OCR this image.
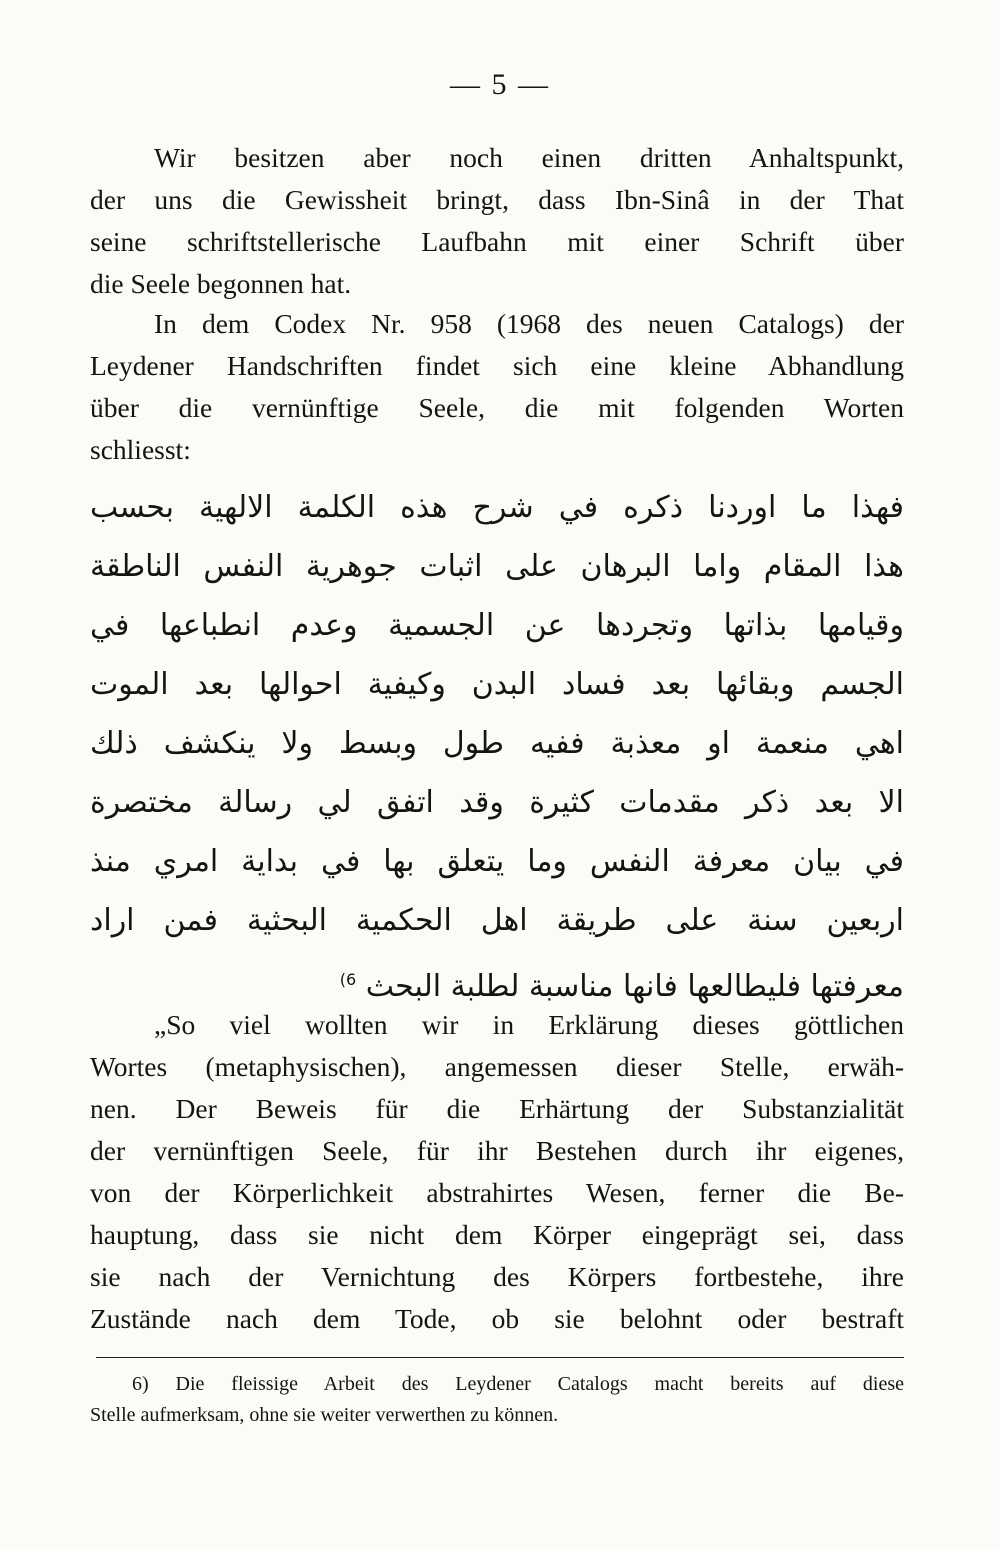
— 5 —
Wir besitzen aber noch einen dritten Anhaltspunkt,
der uns die Gewissheit bringt, dass Ibn-Sinâ in der That
seine schriftstellerische Laufbahn mit einer Schrift über
die Seele begonnen hat.
In dem Codex Nr. 958 (1968 des neuen Catalogs) der
Leydener Handschriften findet sich eine kleine Abhandlung
über die vernünftige Seele, die mit folgenden Worten
schliesst:
فهذا ما اوردنا ذكره في شرح هذه الكلمة الالهية بحسب
هذا المقام واما البرهان على اثبات جوهرية النفس الناطقة
وقيامها بذاتها وتجردها عن الجسمية وعدم انطباعها في
الجسم وبقائها بعد فساد البدن وكيفية احوالها بعد الموت
اهي منعمة او معذبة ففيه طول وبسط ولا ينكشف ذلك
الا بعد ذكر مقدمات كثيرة وقد اتفق لي رسالة مختصرة
في بيان معرفة النفس وما يتعلق بها في بداية امري منذ
اربعين سنة على طريقة اهل الحكمية البحثية فمن اراد
معرفتها فليطالعها فانها مناسبة لطلبة البحث $^{6)}$
„So viel wollten wir in Erklärung dieses göttlichen
Wortes (metaphysischen), angemessen dieser Stelle, erwäh-
nen. Der Beweis für die Erhärtung der Substanzialität
der vernünftigen Seele, für ihr Bestehen durch ihr eigenes,
von der Körperlichkeit abstrahirtes Wesen, ferner die Be-
hauptung, dass sie nicht dem Körper eingeprägt sei, dass
sie nach der Vernichtung des Körpers fortbestehe, ihre
Zustände nach dem Tode, ob sie belohnt oder bestraft
6) Die fleissige Arbeit des Leydener Catalogs macht bereits auf diese
Stelle aufmerksam, ohne sie weiter verwerthen zu können.
